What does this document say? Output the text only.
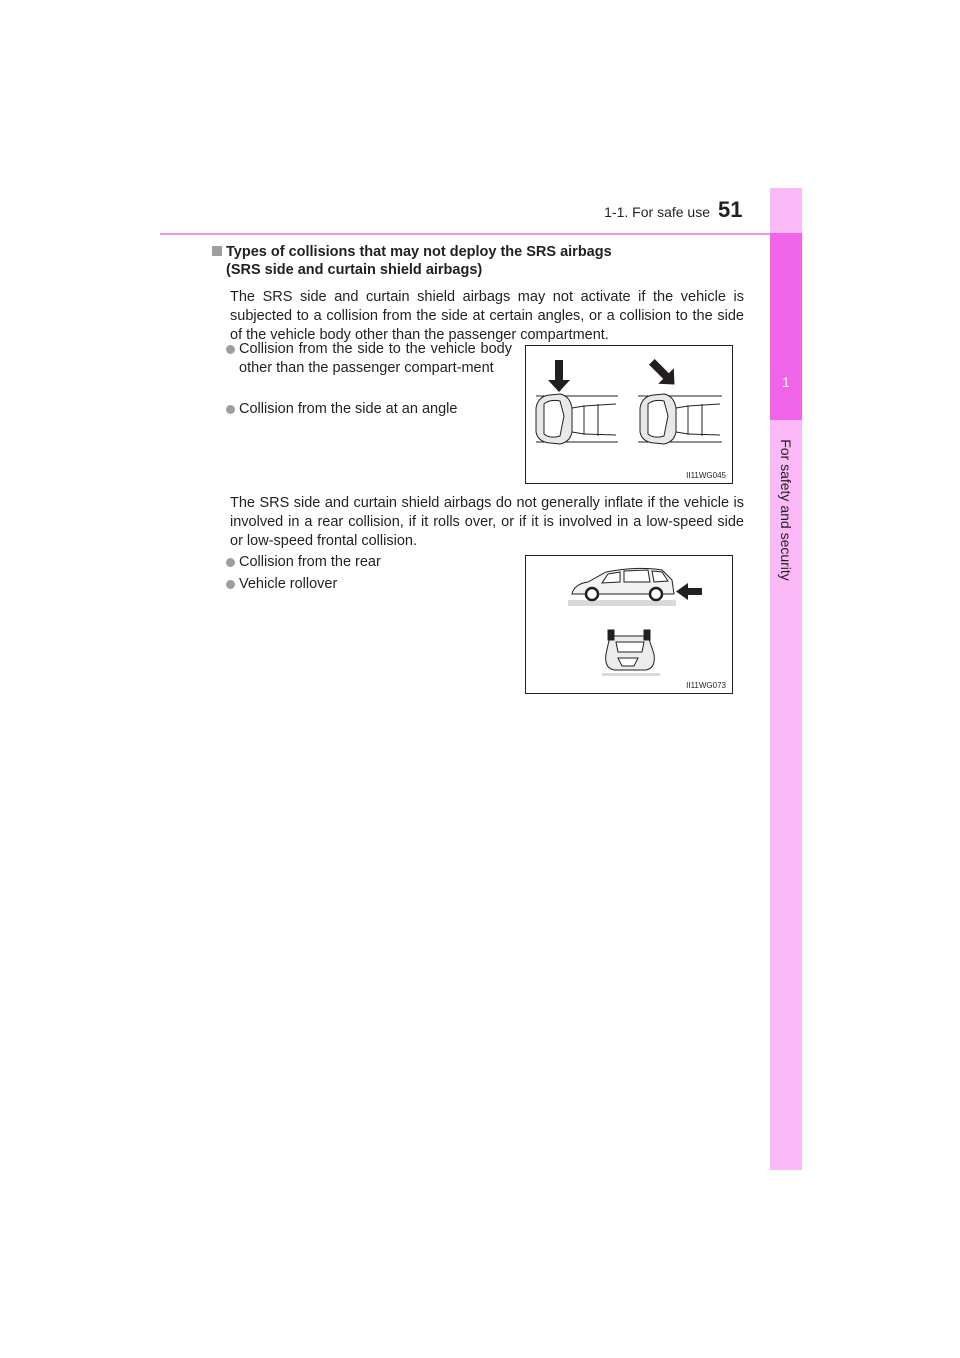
1-1. For safe use 51
1
For safety and security
Types of collisions that may not deploy the SRS airbags
(SRS side and curtain shield airbags)
The SRS side and curtain shield airbags may not activate if the vehicle is subjected to a collision from the side at certain angles, or a collision to the side of the vehicle body other than the passenger compartment.
Collision from the side to the vehicle body other than the passenger compart-ment
Collision from the side at an angle
II11WG045
The SRS side and curtain shield airbags do not generally inflate if the vehicle is involved in a rear collision, if it rolls over, or if it is involved in a low-speed side or low-speed frontal collision.
Collision from the rear
Vehicle rollover
II11WG073
